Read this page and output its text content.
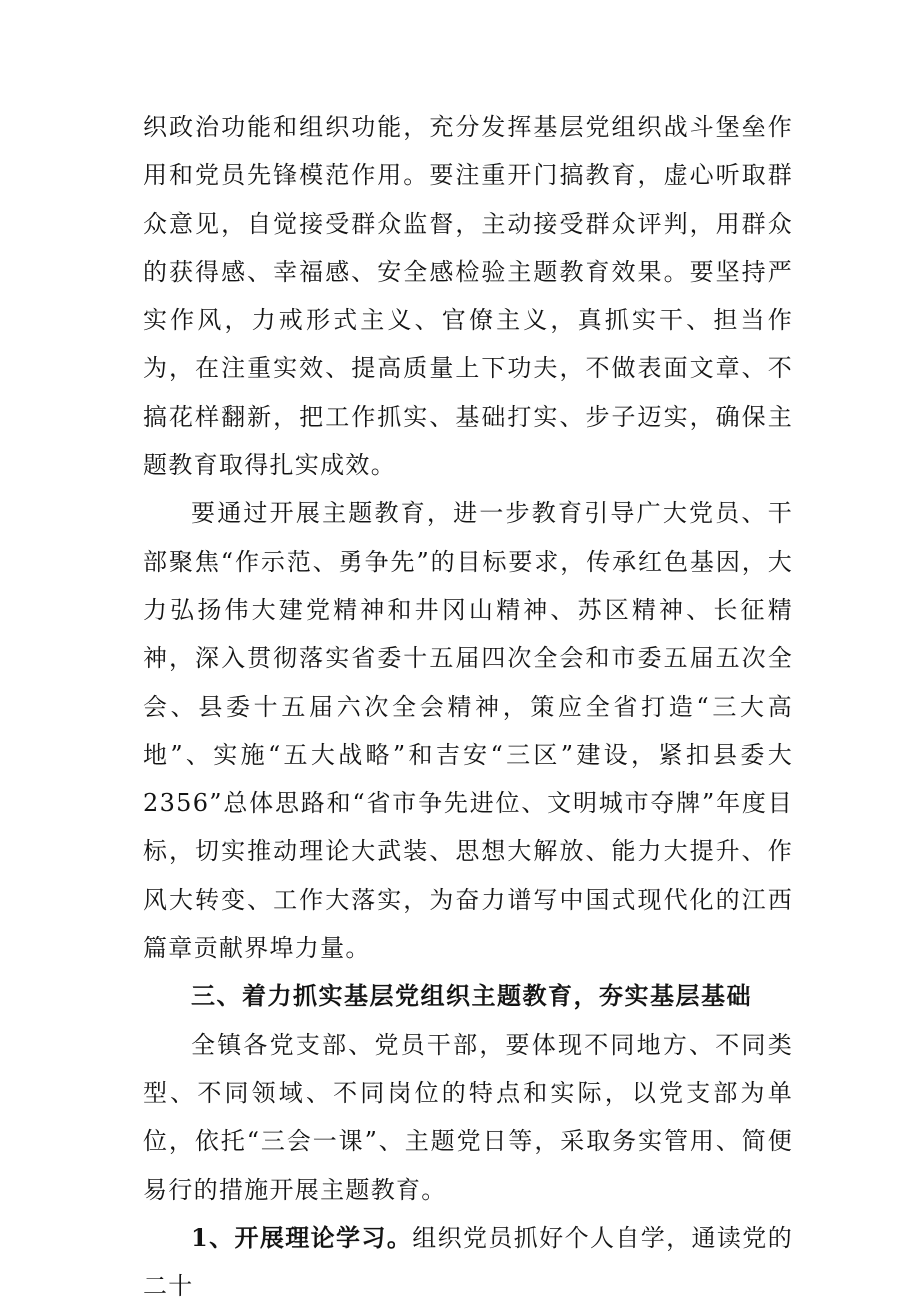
织政治功能和组织功能，充分发挥基层党组织战斗堡垒作用和党员先锋模范作用。要注重开门搞教育，虚心听取群众意见，自觉接受群众监督，主动接受群众评判，用群众的获得感、幸福感、安全感检验主题教育效果。要坚持严实作风，力戒形式主义、官僚主义，真抓实干、担当作为，在注重实效、提高质量上下功夫，不做表面文章、不搞花样翻新，把工作抓实、基础打实、步子迈实，确保主题教育取得扎实成效。

要通过开展主题教育，进一步教育引导广大党员、干部聚焦“作示范、勇争先”的目标要求，传承红色基因，大力弘扬伟大建党精神和井冈山精神、苏区精神、长征精神，深入贯彻落实省委十五届四次全会和市委五届五次全会、县委十五届六次全会精神，策应全省打造“三大高地”、实施“五大战略”和吉安“三区”建设，紧扣县委大2356”总体思路和“省市争先进位、文明城市夺牌”年度目标，切实推动理论大武装、思想大解放、能力大提升、作风大转变、工作大落实，为奋力谱写中国式现代化的江西篇章贡献界埠力量。

三、着力抓实基层党组织主题教育，夯实基层基础

全镇各党支部、党员干部，要体现不同地方、不同类型、不同领域、不同岗位的特点和实际，以党支部为单位，依托“三会一课”、主题党日等，采取务实管用、简便易行的措施开展主题教育。

1、开展理论学习。组织党员抓好个人自学，通读党的二十
